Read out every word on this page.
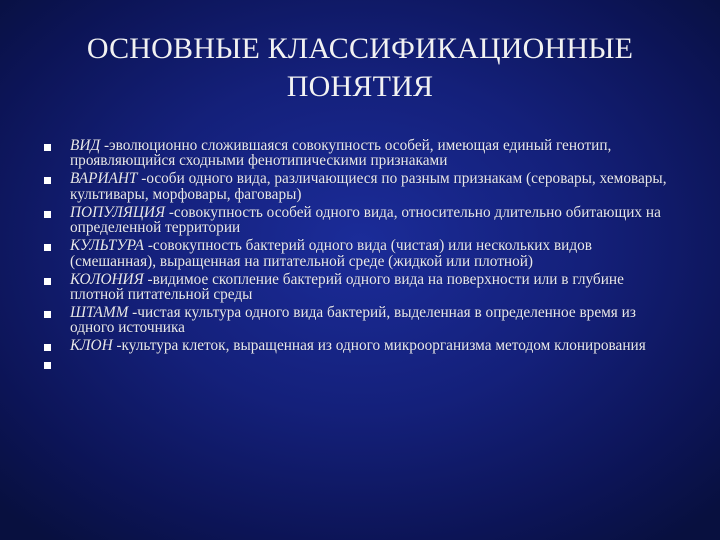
ОСНОВНЫЕ КЛАССИФИКАЦИОННЫЕ
ПОНЯТИЯ
ВИД -эволюционно сложившаяся совокупность особей, имеющая единый генотип, проявляющийся сходными фенотипическими признаками
ВАРИАНТ -особи одного вида, различающиеся по разным признакам (серовары, хемовары, культивары, морфовары, фаговары)
ПОПУЛЯЦИЯ -совокупность особей одного вида, относительно длительно обитающих на определенной территории
КУЛЬТУРА -совокупность бактерий одного вида (чистая) или нескольких видов (смешанная), выращенная на питательной среде (жидкой или плотной)
КОЛОНИЯ -видимое скопление бактерий одного вида на поверхности или в глубине плотной питательной среды
ШТАММ -чистая культура одного вида бактерий, выделенная в определенное время из одного источника
КЛОН -культура клеток, выращенная из одного микроорганизма методом клонирования
